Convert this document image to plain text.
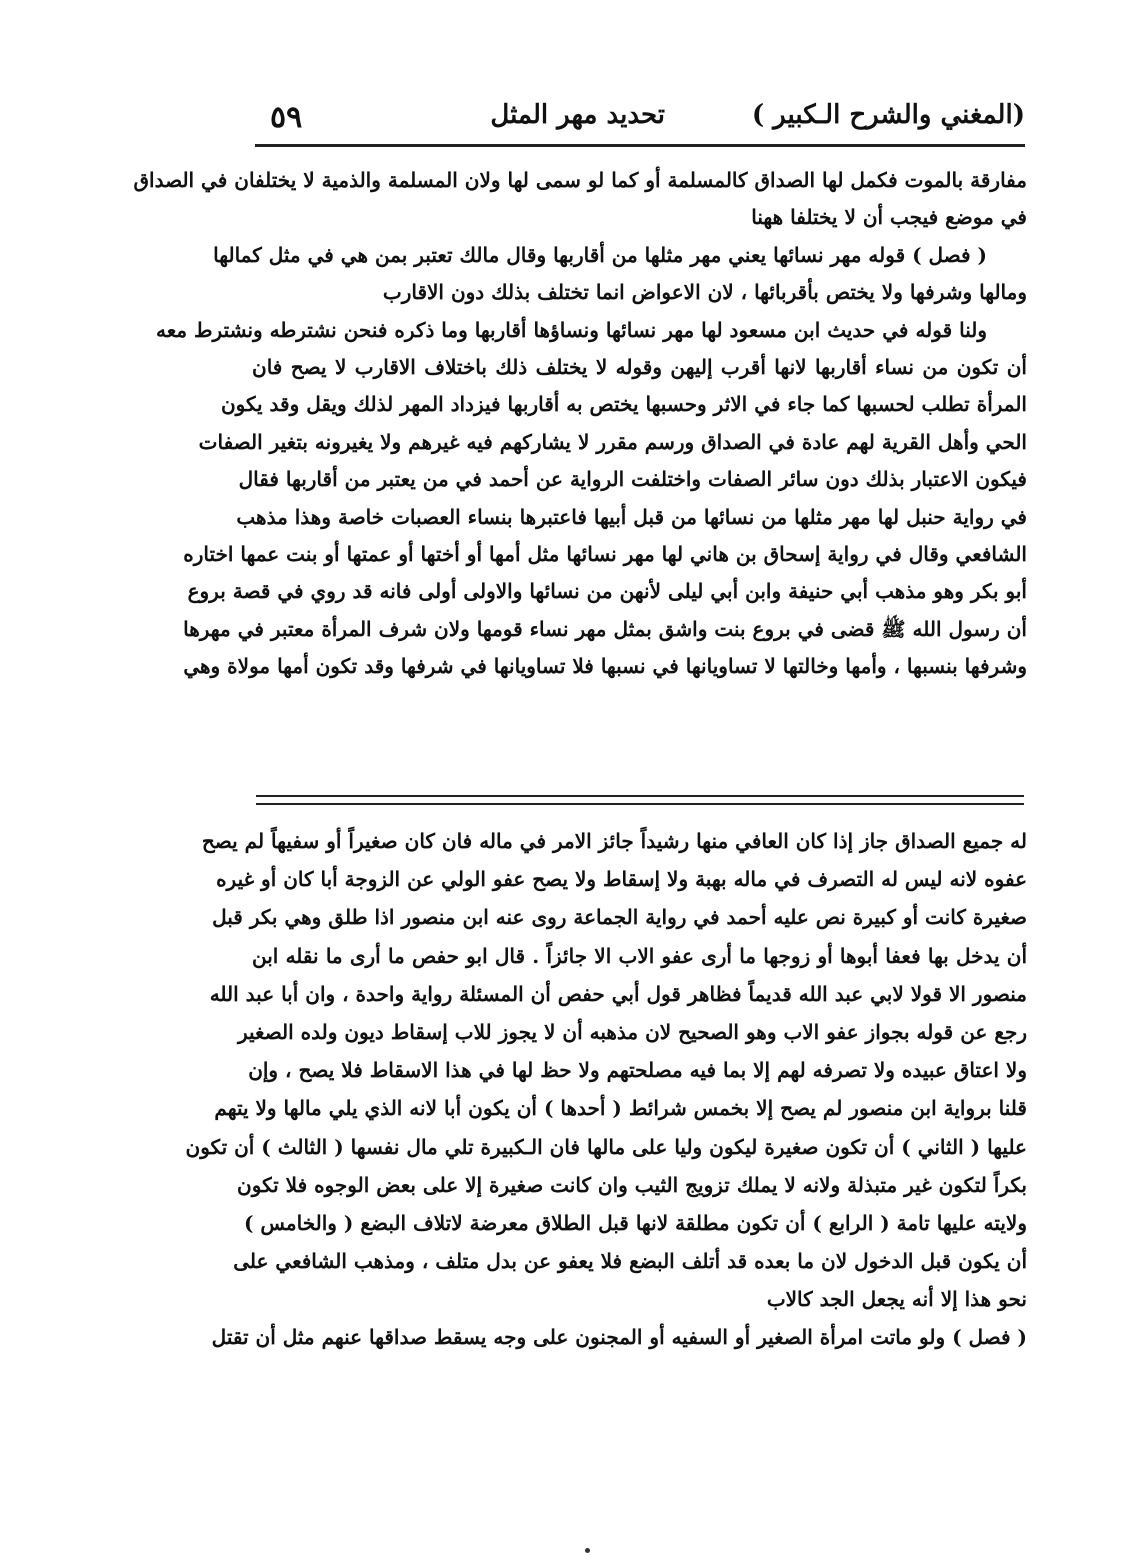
(المغني والشرح الـكبير )
تحديد مهر المثل
٥٩

مفارقة بالموت فكمل لها الصداق كالمسلمة أو كما لو سمى لها ولان المسلمة والذمية لا يختلفان في الصداق

في موضع فيجب أن لا يختلفا ههنا

( فصل ) قوله مهر نسائها يعني مهر مثلها من أقاربها وقال مالك تعتبر بمن هي في مثل كمالها

ومالها وشرفها ولا يختص بأقربائها ، لان الاعواض انما تختلف بذلك دون الاقارب

ولنا قوله في حديث ابن مسعود لها مهر نسائها ونساؤها أقاربها وما ذكره فنحن نشترطه ونشترط معه

أن تكون من نساء أقاربها لانها أقرب إليهن وقوله لا يختلف ذلك باختلاف الاقارب لا يصح فان

المرأة تطلب لحسبها كما جاء في الاثر وحسبها يختص به أقاربها فيزداد المهر لذلك ويقل وقد يكون

الحي وأهل القرية لهم عادة في الصداق ورسم مقرر لا يشاركهم فيه غيرهم ولا يغيرونه بتغير الصفات

فيكون الاعتبار بذلك دون سائر الصفات واختلفت الرواية عن أحمد في من يعتبر من أقاربها فقال

في رواية حنبل لها مهر مثلها من نسائها من قبل أبيها فاعتبرها بنساء العصبات خاصة وهذا مذهب

الشافعي وقال في رواية إسحاق بن هاني لها مهر نسائها مثل أمها أو أختها أو عمتها أو بنت عمها اختاره

أبو بكر وهو مذهب أبي حنيفة وابن أبي ليلى لأنهن من نسائها والاولى أولى فانه قد روي في قصة بروع

أن رسول الله ﷺ قضى في بروع بنت واشق بمثل مهر نساء قومها ولان شرف المرأة معتبر في مهرها

وشرفها بنسبها ، وأمها وخالتها لا تساويانها في نسبها فلا تساويانها في شرفها وقد تكون أمها مولاة وهي

له جميع الصداق جاز إذا كان العافي منها رشيداً جائز الامر في ماله فان كان صغيراً أو سفيهاً لم يصح

عفوه لانه ليس له التصرف في ماله بهبة ولا إسقاط ولا يصح عفو الولي عن الزوجة أبا كان أو غيره

صغيرة كانت أو كبيرة نص عليه أحمد في رواية الجماعة روى عنه ابن منصور اذا طلق وهي بكر قبل

أن يدخل بها فعفا أبوها أو زوجها ما أرى عفو الاب الا جائزاً . قال ابو حفص ما أرى ما نقله ابن

منصور الا قولا لابي عبد الله قديماً فظاهر قول أبي حفص أن المسئلة رواية واحدة ، وان أبا عبد الله

رجع عن قوله بجواز عفو الاب وهو الصحيح لان مذهبه أن لا يجوز للاب إسقاط ديون ولده الصغير

ولا اعتاق عبيده ولا تصرفه لهم إلا بما فيه مصلحتهم ولا حظ لها في هذا الاسقاط فلا يصح ، وإن

قلنا برواية ابن منصور لم يصح إلا بخمس شرائط ( أحدها ) أن يكون أبا لانه الذي يلي مالها ولا يتهم

عليها ( الثاني ) أن تكون صغيرة ليكون وليا على مالها فان الـكبيرة تلي مال نفسها ( الثالث ) أن تكون

بكراً لتكون غير متبذلة ولانه لا يملك تزويج الثيب وان كانت صغيرة إلا على بعض الوجوه فلا تكون

ولايته عليها تامة ( الرابع ) أن تكون مطلقة لانها قبل الطلاق معرضة لاتلاف البضع ( والخامس )

أن يكون قبل الدخول لان ما بعده قد أتلف البضع فلا يعفو عن بدل متلف ، ومذهب الشافعي على

نحو هذا إلا أنه يجعل الجد كالاب

( فصل ) ولو ماتت امرأة الصغير أو السفيه أو المجنون على وجه يسقط صداقها عنهم مثل أن تقتل
